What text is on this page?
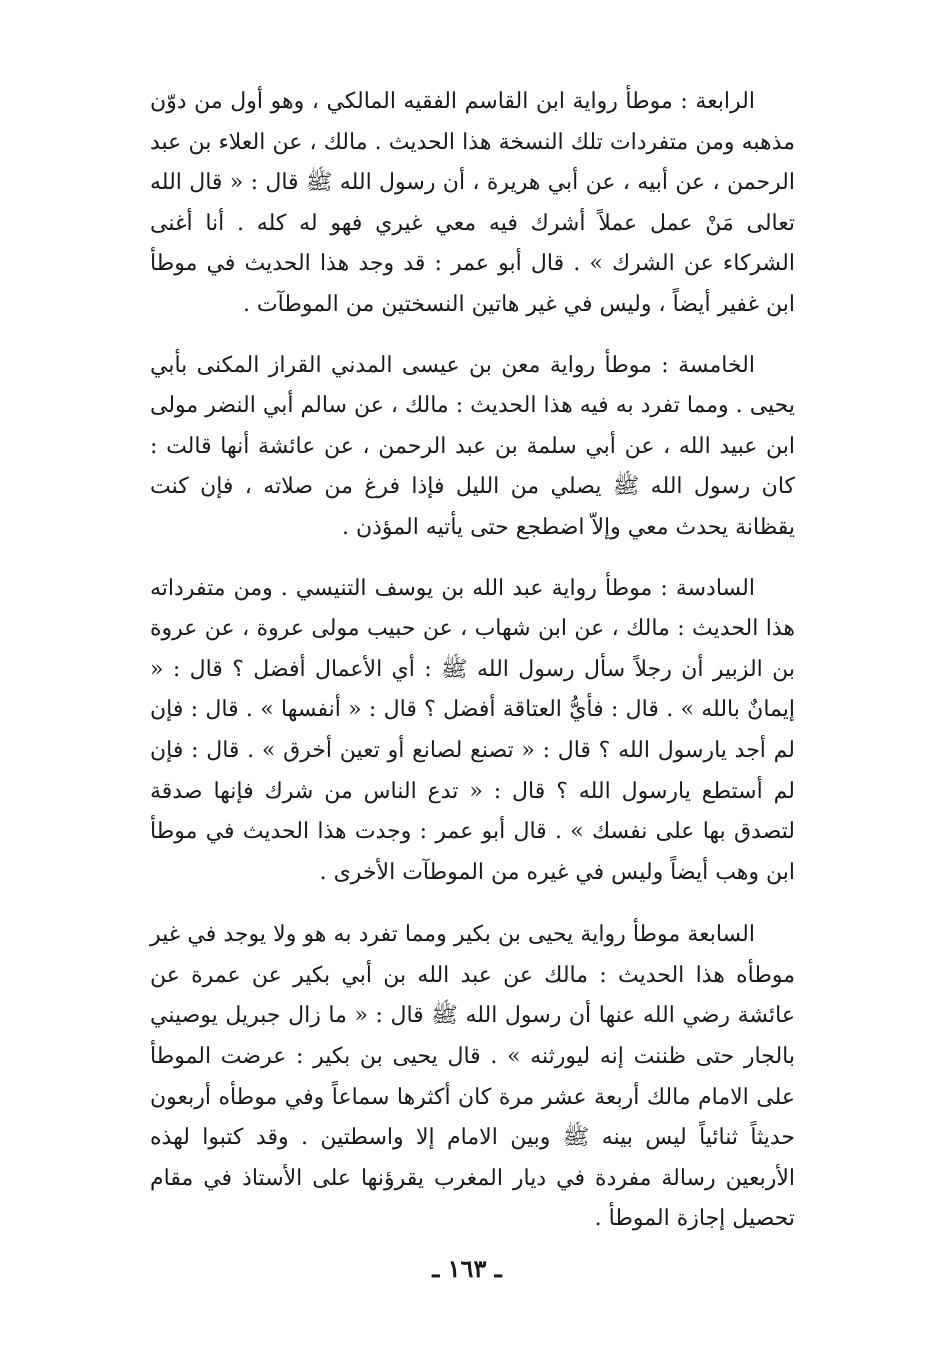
الرابعة : موطأ رواية ابن القاسم الفقيه المالكي ، وهو أول من دوّن مذهبه ومن متفردات تلك النسخة هذا الحديث . مالك ، عن العلاء بن عبد الرحمن ، عن أبيه ، عن أبي هريرة ، أن رسول الله ﷺ قال : « قال الله تعالى مَنْ عمل عملاً أشرك فيه معي غيري فهو له كله . أنا أغنى الشركاء عن الشرك » . قال أبو عمر : قد وجد هذا الحديث في موطأ ابن غفير أيضاً ، وليس في غير هاتين النسختين من الموطآت .

الخامسة : موطأ رواية معن بن عيسى المدني القراز المكنى بأبي يحيى . ومما تفرد به فيه هذا الحديث : مالك ، عن سالم أبي النضر مولى ابن عبيد الله ، عن أبي سلمة بن عبد الرحمن ، عن عائشة أنها قالت : كان رسول الله ﷺ يصلي من الليل فإذا فرغ من صلاته ، فإن كنت يقظانة يحدث معي وإلاّ اضطجع حتى يأتيه المؤذن .

السادسة : موطأ رواية عبد الله بن يوسف التنيسي . ومن متفرداته هذا الحديث : مالك ، عن ابن شهاب ، عن حبيب مولى عروة ، عن عروة بن الزبير أن رجلاً سأل رسول الله ﷺ : أي الأعمال أفضل ؟ قال : « إيمانٌ بالله » . قال : فأيُّ العتاقة أفضل ؟ قال : « أنفسها » . قال : فإن لم أجد يارسول الله ؟ قال : « تصنع لصانع أو تعين أخرق » . قال : فإن لم أستطع يارسول الله ؟ قال : « تدع الناس من شرك فإنها صدقة لتصدق بها على نفسك » . قال أبو عمر : وجدت هذا الحديث في موطأ ابن وهب أيضاً وليس في غيره من الموطآت الأخرى .

السابعة موطأ رواية يحيى بن بكير ومما تفرد به هو ولا يوجد في غير موطأه هذا الحديث : مالك عن عبد الله بن أبي بكير عن عمرة عن عائشة رضي الله عنها أن رسول الله ﷺ قال : « ما زال جبريل يوصيني بالجار حتى ظننت إنه ليورثنه » . قال يحيى بن بكير : عرضت الموطأ على الامام مالك أربعة عشر مرة كان أكثرها سماعاً وفي موطأه أربعون حديثاً ثنائياً ليس بينه ﷺ وبين الامام إلا واسطتين . وقد كتبوا لهذه الأربعين رسالة مفردة في ديار المغرب يقرؤنها على الأستاذ في مقام تحصيل إجازة الموطأ .

ـ ١٦٣ ـ
